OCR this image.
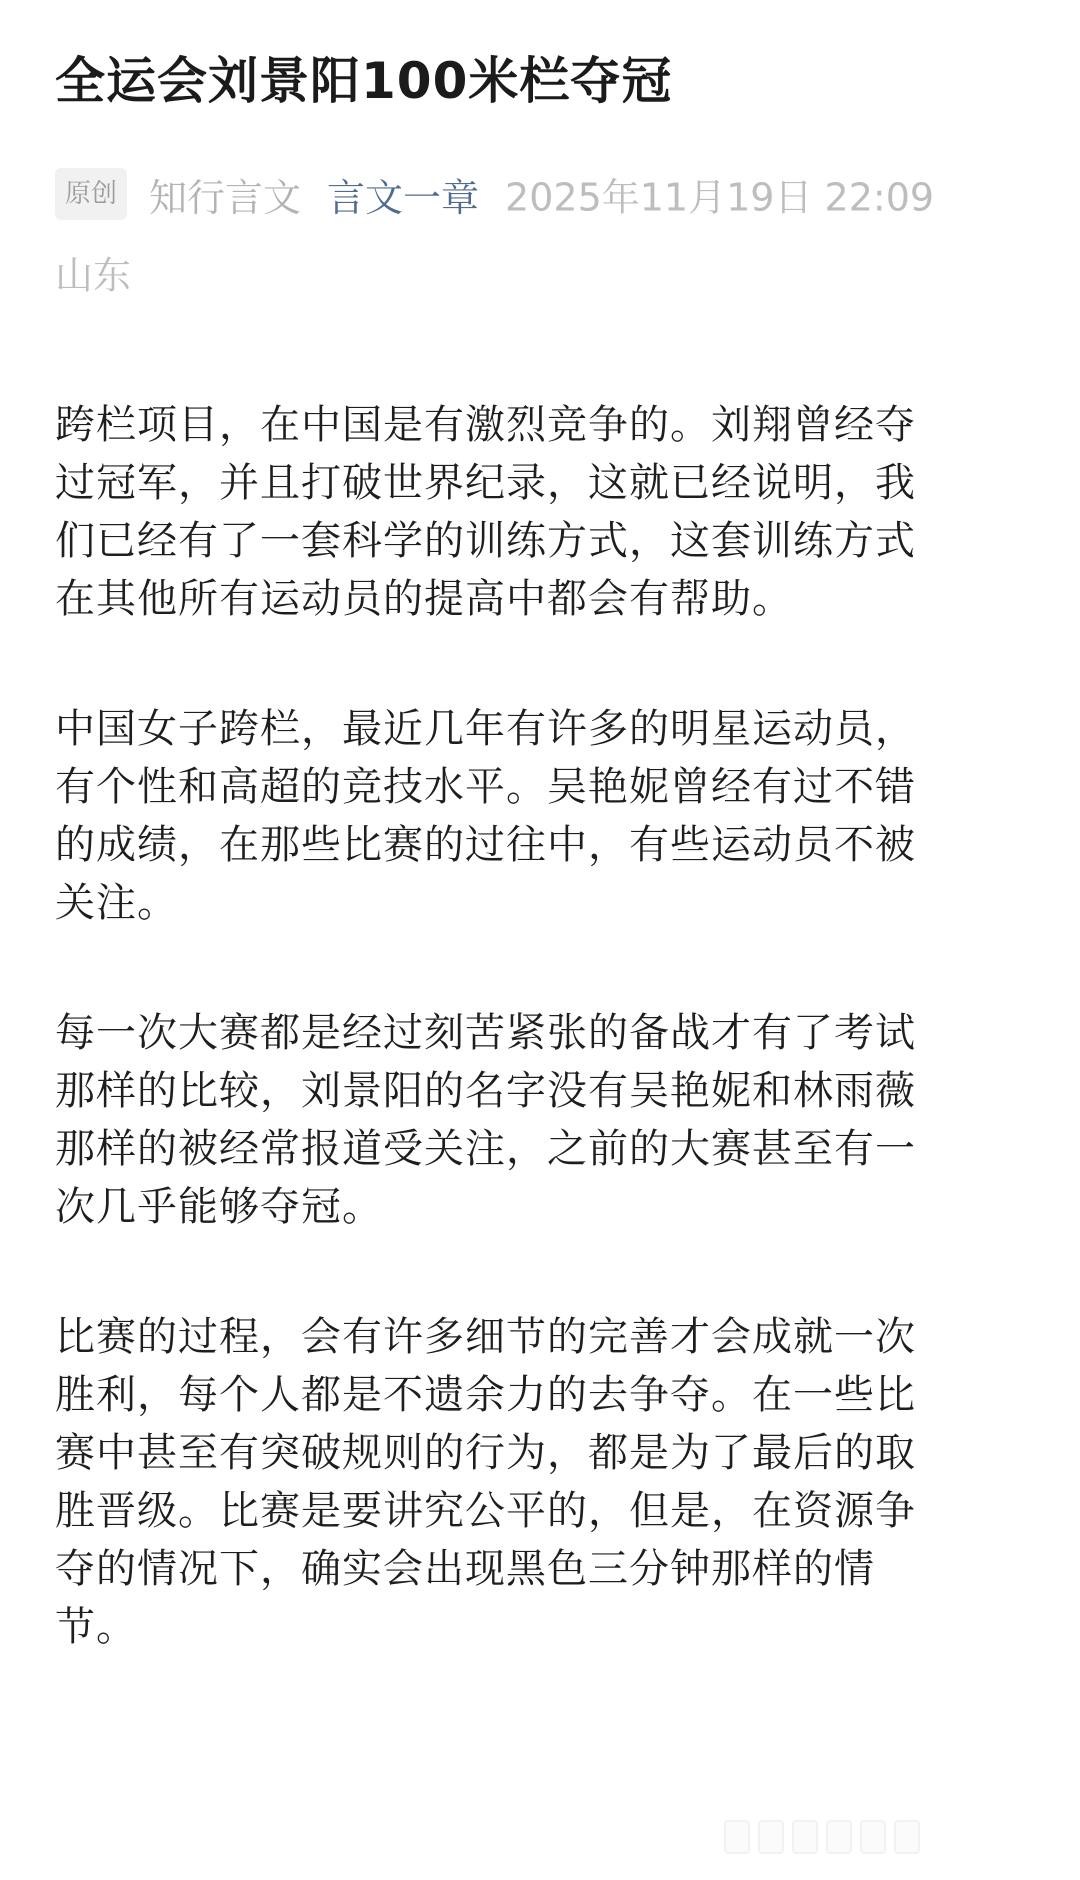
全运会刘景阳100米栏夺冠
原创 知行言文 言文一章 2025年11月19日 22:09
山东

跨栏项目，在中国是有激烈竞争的。刘翔曾经夺
过冠军，并且打破世界纪录，这就已经说明，我
们已经有了一套科学的训练方式，这套训练方式
在其他所有运动员的提高中都会有帮助。

中国女子跨栏，最近几年有许多的明星运动员，
有个性和高超的竞技水平。吴艳妮曾经有过不错
的成绩，在那些比赛的过往中，有些运动员不被
关注。

每一次大赛都是经过刻苦紧张的备战才有了考试
那样的比较，刘景阳的名字没有吴艳妮和林雨薇
那样的被经常报道受关注，之前的大赛甚至有一
次几乎能够夺冠。

比赛的过程，会有许多细节的完善才会成就一次
胜利，每个人都是不遗余力的去争夺。在一些比
赛中甚至有突破规则的行为，都是为了最后的取
胜晋级。比赛是要讲究公平的，但是，在资源争
夺的情况下，确实会出现黑色三分钟那样的情
节。
